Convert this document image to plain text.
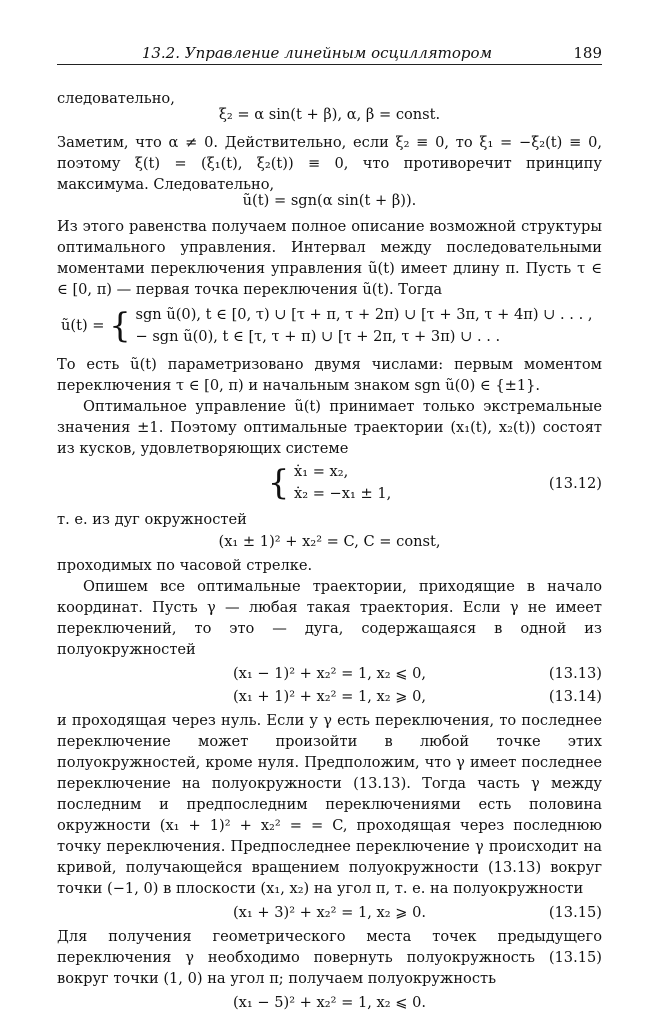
13.2. Управление линейным осциллятором	189

следовательно,

ξ₂ = α sin(t + β), α, β = const.

Заметим, что α ≠ 0. Действительно, если ξ₂ ≡ 0, то ξ₁ = −ξ̇₂(t) ≡ 0, поэтому ξ(t) = (ξ₁(t), ξ₂(t)) ≡ 0, что противоречит принципу максимума. Следовательно,

ũ(t) = sgn(α sin(t + β)).

Из этого равенства получаем полное описание возможной структуры оптимального управления. Интервал между последовательными моментами переключения управления ũ(t) имеет длину π. Пусть τ ∈ ∈ [0, π) — первая точка переключения ũ(t). Тогда

ũ(t) = { sgn ũ(0), t ∈ [0, τ) ∪ [τ + π, τ + 2π) ∪ [τ + 3π, τ + 4π) ∪ . . . ,
− sgn ũ(0), t ∈ [τ, τ + π) ∪ [τ + 2π, τ + 3π) ∪ . . .

То есть ũ(t) параметризовано двумя числами: первым моментом переключения τ ∈ [0, π) и начальным знаком sgn ũ(0) ∈ {±1}.

Оптимальное управление ũ(t) принимает только экстремальные значения ±1. Поэтому оптимальные траектории (x₁(t), x₂(t)) состоят из кусков, удовлетворяющих системе

{ ẋ₁ = x₂,
ẋ₂ = −x₁ ± 1,
(13.12)

т. е. из дуг окружностей

(x₁ ± 1)² + x₂² = C, C = const,

проходимых по часовой стрелке.

Опишем все оптимальные траектории, приходящие в начало координат. Пусть γ — любая такая траектория. Если γ не имеет переключений, то это — дуга, содержащаяся в одной из полуокружностей

(x₁ − 1)² + x₂² = 1, x₂ ⩽ 0,	(13.13)
(x₁ + 1)² + x₂² = 1, x₂ ⩾ 0,	(13.14)

и проходящая через нуль. Если у γ есть переключения, то последнее переключение может произойти в любой точке этих полуокружностей, кроме нуля. Предположим, что γ имеет последнее переключение на полуокружности (13.13). Тогда часть γ между последним и предпоследним переключениями есть половина окружности (x₁ + 1)² + x₂² = = C, проходящая через последнюю точку переключения. Предпоследнее переключение γ происходит на кривой, получающейся вращением полуокружности (13.13) вокруг точки (−1, 0) в плоскости (x₁, x₂) на угол π, т. е. на полуокружности

(x₁ + 3)² + x₂² = 1, x₂ ⩾ 0.	(13.15)

Для получения геометрического места точек предыдущего переключения γ необходимо повернуть полуокружность (13.15) вокруг точки (1, 0) на угол π; получаем полуокружность

(x₁ − 5)² + x₂² = 1, x₂ ⩽ 0.
